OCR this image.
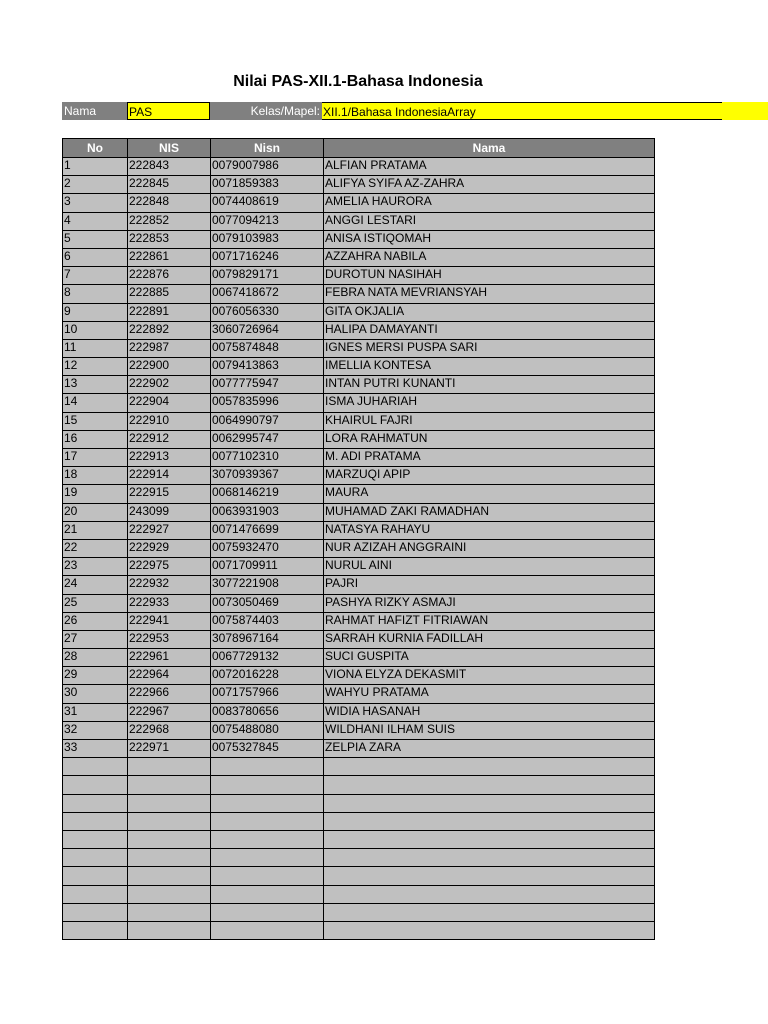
Nilai PAS-XII.1-Bahasa Indonesia
Nama	PAS	Kelas/Mapel: XII.1/Bahasa IndonesiaArray
No	NIS	Nisn	Nama
1	222843	0079007986	ALFIAN PRATAMA
2	222845	0071859383	ALIFYA SYIFA AZ-ZAHRA
3	222848	0074408619	AMELIA HAURORA
4	222852	0077094213	ANGGI LESTARI
5	222853	0079103983	ANISA ISTIQOMAH
6	222861	0071716246	AZZAHRA NABILA
7	222876	0079829171	DUROTUN NASIHAH
8	222885	0067418672	FEBRA NATA MEVRIANSYAH
9	222891	0076056330	GITA OKJALIA
10	222892	3060726964	HALIPA DAMAYANTI
11	222987	0075874848	IGNES MERSI PUSPA SARI
12	222900	0079413863	IMELLIA KONTESA
13	222902	0077775947	INTAN PUTRI KUNANTI
14	222904	0057835996	ISMA JUHARIAH
15	222910	0064990797	KHAIRUL FAJRI
16	222912	0062995747	LORA RAHMATUN
17	222913	0077102310	M. ADI PRATAMA
18	222914	3070939367	MARZUQI APIP
19	222915	0068146219	MAURA
20	243099	0063931903	MUHAMAD ZAKI RAMADHAN
21	222927	0071476699	NATASYA RAHAYU
22	222929	0075932470	NUR AZIZAH ANGGRAINI
23	222975	0071709911	NURUL AINI
24	222932	3077221908	PAJRI
25	222933	0073050469	PASHYA RIZKY ASMAJI
26	222941	0075874403	RAHMAT HAFIZT FITRIAWAN
27	222953	3078967164	SARRAH KURNIA FADILLAH
28	222961	0067729132	SUCI GUSPITA
29	222964	0072016228	VIONA ELYZA DEKASMIT
30	222966	0071757966	WAHYU PRATAMA
31	222967	0083780656	WIDIA HASANAH
32	222968	0075488080	WILDHANI ILHAM SUIS
33	222971	0075327845	ZELPIA ZARA
